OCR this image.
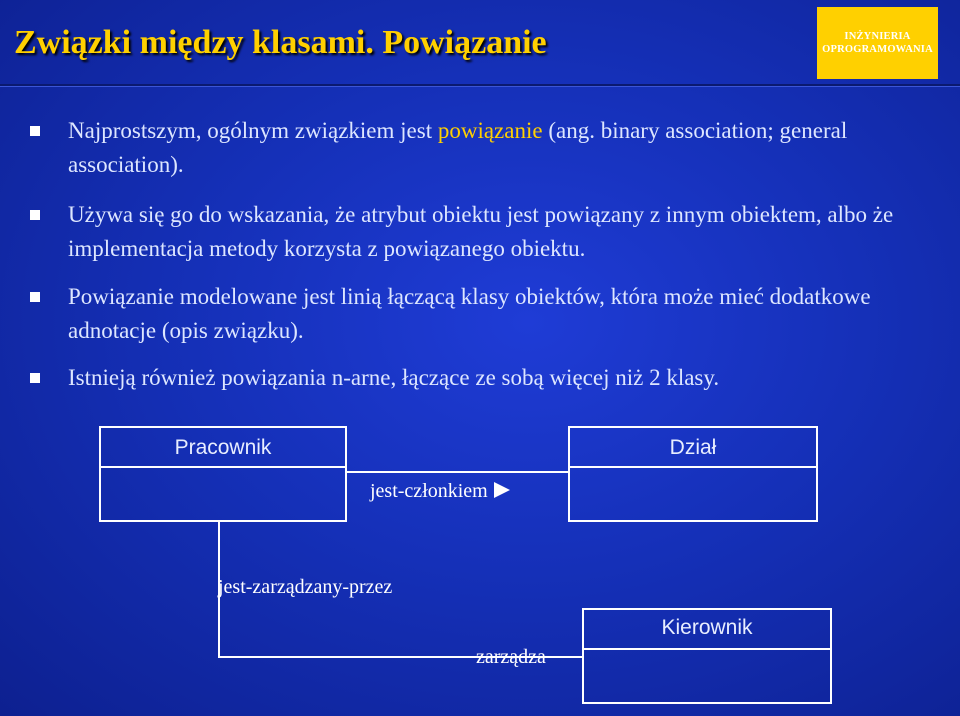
Związki między klasami. Powiązanie	INŻYNIERIA
OPROGRAMOWANIA
Najprostszym, ogólnym związkiem jest powiązanie (ang. binary association; general association).
Używa się go do wskazania, że atrybut obiektu jest powiązany z innym obiektem, albo że implementacja metody korzysta z powiązanego obiektu.
Powiązanie modelowane jest linią łączącą klasy obiektów, która może mieć dodatkowe adnotacje (opis związku).
Istnieją również powiązania n-arne, łączące ze sobą więcej niż 2 klasy.
Pracownik	Dział
Kierownik
jest-członkiem
jest-zarządzany-przez
zarządza
